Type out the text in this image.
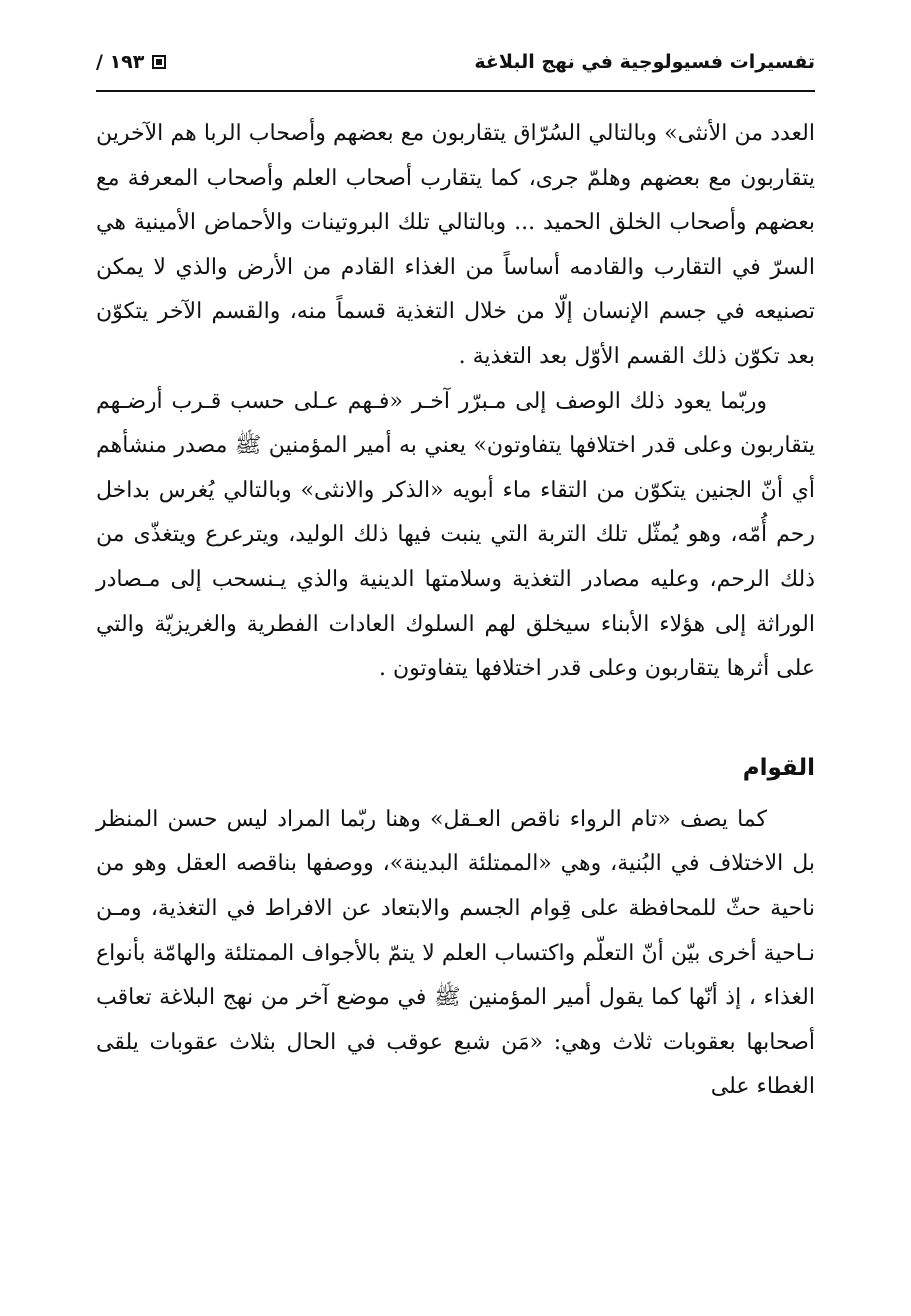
تفسيرات فسيولوجية في نهج البلاغة
١٩٣ /

العدد من الأنثى» وبالتالي السُرّاق يتقاربون مع بعضهم وأصحاب الربا هم الآخرين يتقاربون مع بعضهم وهلمّ جرى، كما يتقارب أصحاب العلم وأصحاب المعرفة مع بعضهم وأصحاب الخلق الحميد ... وبالتالي تلك البروتينات والأحماض الأمينية هي السرّ في التقارب والقادمه أساساً من الغذاء القادم من الأرض والذي لا يمكن تصنيعه في جسم الإنسان إلّا من خلال التغذية قسماً منه، والقسم الآخر يتكوّن بعد تكوّن ذلك القسم الأوّل بعد التغذية .

وربّما يعود ذلك الوصف إلى مـبرّر آخـر «فـهم عـلى حسب قـرب أرضـهم يتقاربون وعلى قدر اختلافها يتفاوتون» يعني به أمير المؤمنين ﷺ مصدر منشأهم أي أنّ الجنين يتكوّن من التقاء ماء أبويه «الذكر والانثى» وبالتالي يُغرس بداخل رحم أُمّه، وهو يُمثّل تلك التربة التي ينبت فيها ذلك الوليد، ويترعرع ويتغذّى من ذلك الرحم، وعليه مصادر التغذية وسلامتها الدينية والذي يـنسحب إلى مـصادر الوراثة إلى هؤلاء الأبناء سيخلق لهم السلوك العادات الفطرية والغريزيّة والتي على أثرها يتقاربون وعلى قدر اختلافها يتفاوتون .

القوام

كما يصف «تام الرواء ناقص العـقل» وهنا ربّما المراد ليس حسن المنظر بل الاختلاف في البُنية، وهي «الممتلئة البدينة»، ووصفها بناقصه العقل وهو من ناحية حثّ للمحافظة على قِوام الجسم والابتعاد عن الافراط في التغذية، ومـن نـاحية أخرى بيّن أنّ التعلّم واكتساب العلم لا يتمّ بالأجواف الممتلئة والهامّة بأنواع الغذاء ، إذ أنّها كما يقول أمير المؤمنين ﷺ في موضع آخر من نهج البلاغة تعاقب أصحابها بعقوبات ثلاث وهي: «مَن شبع عوقب في الحال بثلاث عقوبات يلقى الغطاء على
